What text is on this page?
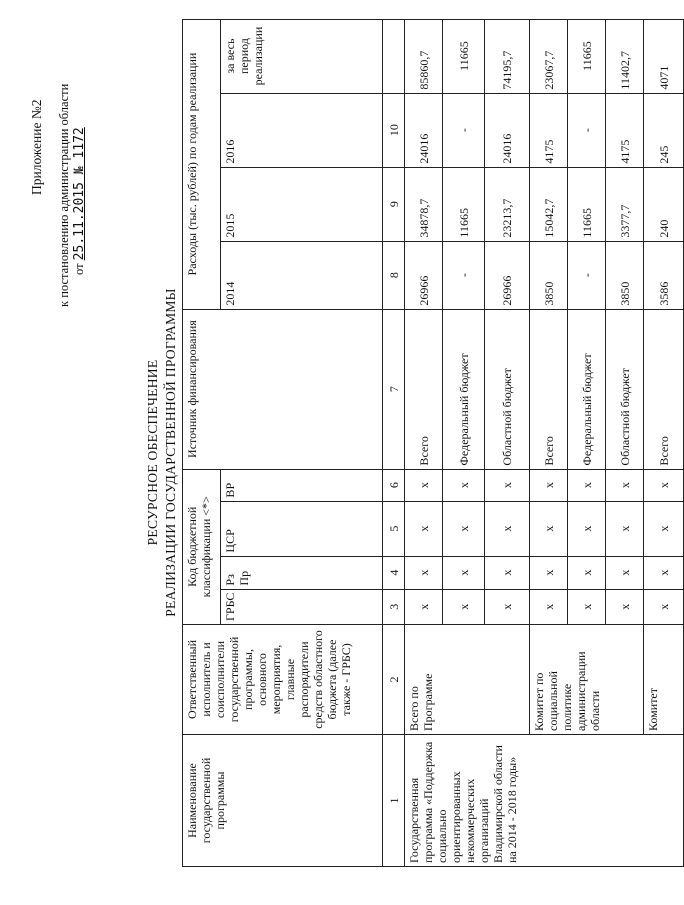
Приложение №2 к постановлению администрации области от 25.11.2015 № 1172
РЕСУРСНОЕ ОБЕСПЕЧЕНИЕ РЕАЛИЗАЦИИ ГОСУДАРСТВЕННОЙ ПРОГРАММЫ
Наименование государственной программы	Ответственный исполнитель и соисполнители государственной программы, основного мероприятия, главные распорядители средств областного бюджета (далее также - ГРБС)	Код бюджетной классификации <*>				Источник финансирования	Расходы (тыс. рублей) по годам реализации			
		ГРБС	Рз Пр	ЦСР	ВР		2014	2015	2016	за весь период реализации
1	2	3	4	5	6	7	8	9	10	
Государственная программа «Поддержка социально ориентированных некоммерческих организаций Владимирской области на 2014 - 2018 годы»	Всего по Программе	х	х	х	х	Всего	26966	34878,7	24016	85860,7
		х	х	х	х	Федеральный бюджет	-	11665	-	11665
		х	х	х	х	Областной бюджет	26966	23213,7	24016	74195,7
	Комитет по социальной политике администрации области	х	х	х	х	Всего	3850	15042,7	4175	23067,7
		х	х	х	х	Федеральный бюджет	-	11665	-	11665
		х	х	х	х	Областной бюджет	3850	3377,7	4175	11402,7
	Комитет	х	х	х	х	Всего	3586	240	245	4071
